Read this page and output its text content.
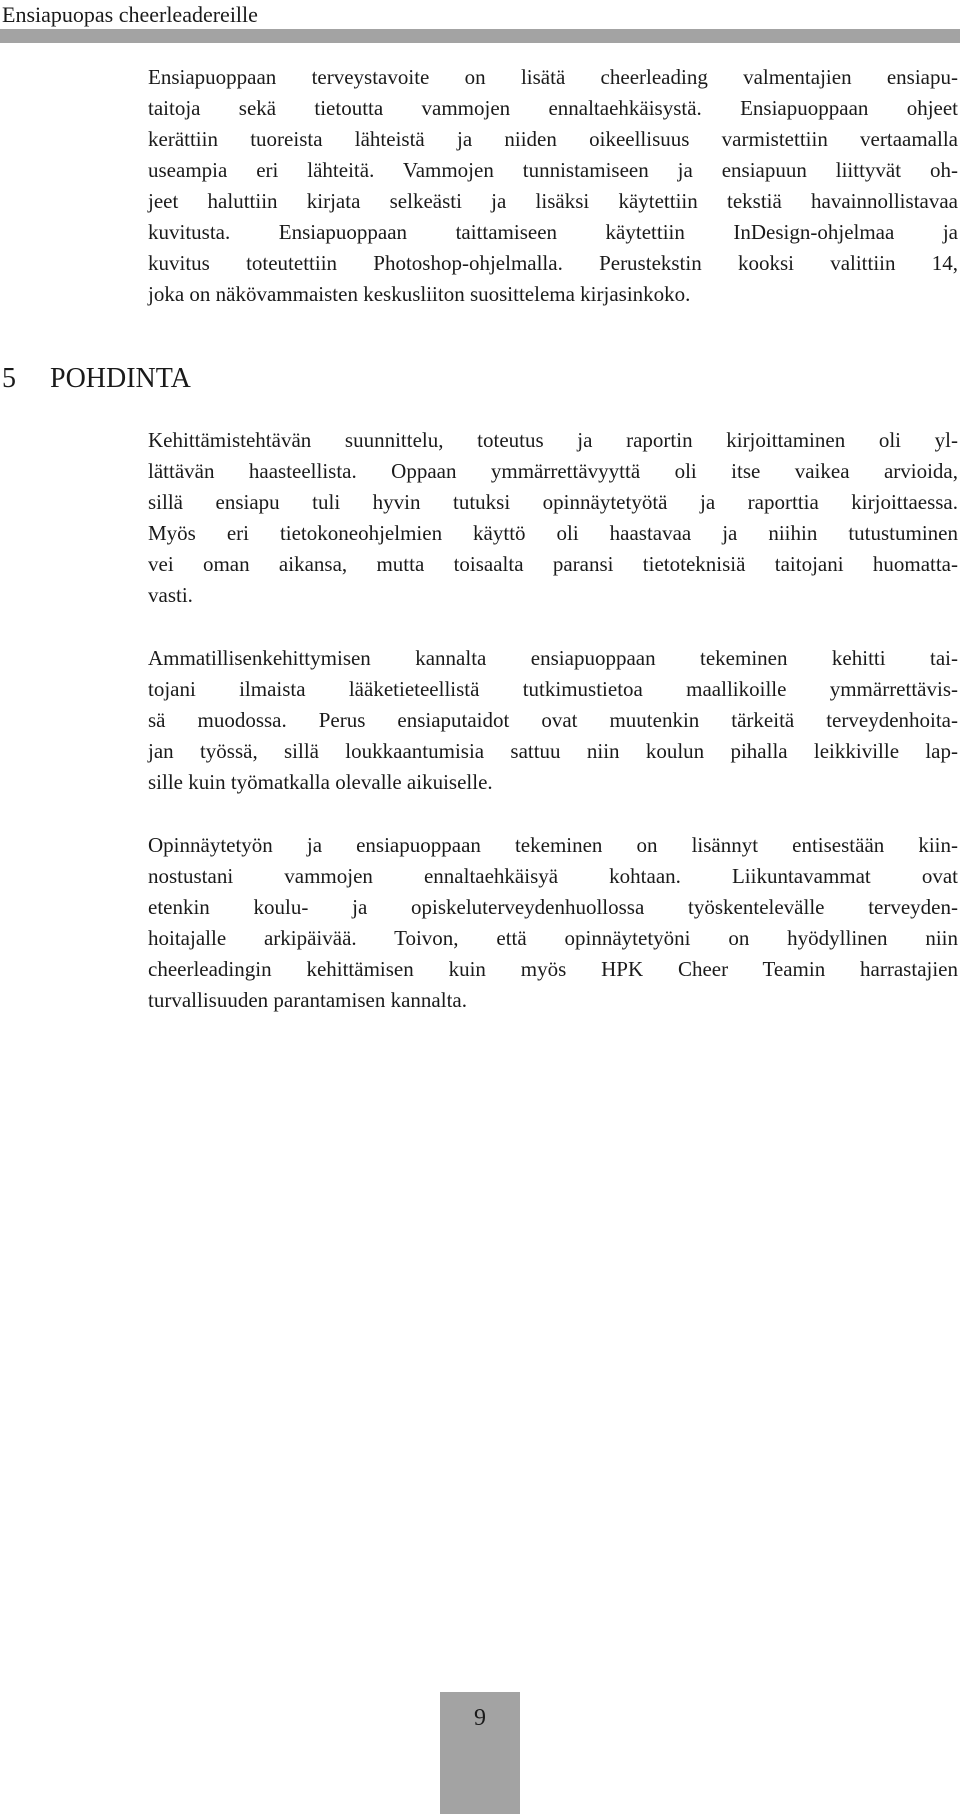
Ensiapuopas cheerleadereille
Ensiapuoppaan terveystavoite on lisätä cheerleading valmentajien ensiapu-
taitoja sekä tietoutta vammojen ennaltaehkäisystä. Ensiapuoppaan ohjeet
kerättiin tuoreista lähteistä ja niiden oikeellisuus varmistettiin vertaamalla
useampia eri lähteitä. Vammojen tunnistamiseen ja ensiapuun liittyvät oh-
jeet haluttiin kirjata selkeästi ja lisäksi käytettiin tekstiä havainnollistavaa
kuvitusta. Ensiapuoppaan taittamiseen käytettiin InDesign-ohjelmaa ja
kuvitus toteutettiin Photoshop-ohjelmalla. Perustekstin kooksi valittiin 14,
joka on näkövammaisten keskusliiton suosittelema kirjasinkoko.
5 POHDINTA
Kehittämistehtävän suunnittelu, toteutus ja raportin kirjoittaminen oli yl-
lättävän haasteellista. Oppaan ymmärrettävyyttä oli itse vaikea arvioida,
sillä ensiapu tuli hyvin tutuksi opinnäytetyötä ja raporttia kirjoittaessa.
Myös eri tietokoneohjelmien käyttö oli haastavaa ja niihin tutustuminen
vei oman aikansa, mutta toisaalta paransi tietoteknisiä taitojani huomatta-
vasti.
Ammatillisenkehittymisen kannalta ensiapuoppaan tekeminen kehitti tai-
tojani ilmaista lääketieteellistä tutkimustietoa maallikoille ymmärrettävis-
sä muodossa. Perus ensiaputaidot ovat muutenkin tärkeitä terveydenhoita-
jan työssä, sillä loukkaantumisia sattuu niin koulun pihalla leikkiville lap-
sille kuin työmatkalla olevalle aikuiselle.
Opinnäytetyön ja ensiapuoppaan tekeminen on lisännyt entisestään kiin-
nostustani vammojen ennaltaehkäisyä kohtaan. Liikuntavammat ovat
etenkin koulu- ja opiskeluterveydenhuollossa työskentelevälle terveyden-
hoitajalle arkipäivää. Toivon, että opinnäytetyöni on hyödyllinen niin
cheerleadingin kehittämisen kuin myös HPK Cheer Teamin harrastajien
turvallisuuden parantamisen kannalta.
9
